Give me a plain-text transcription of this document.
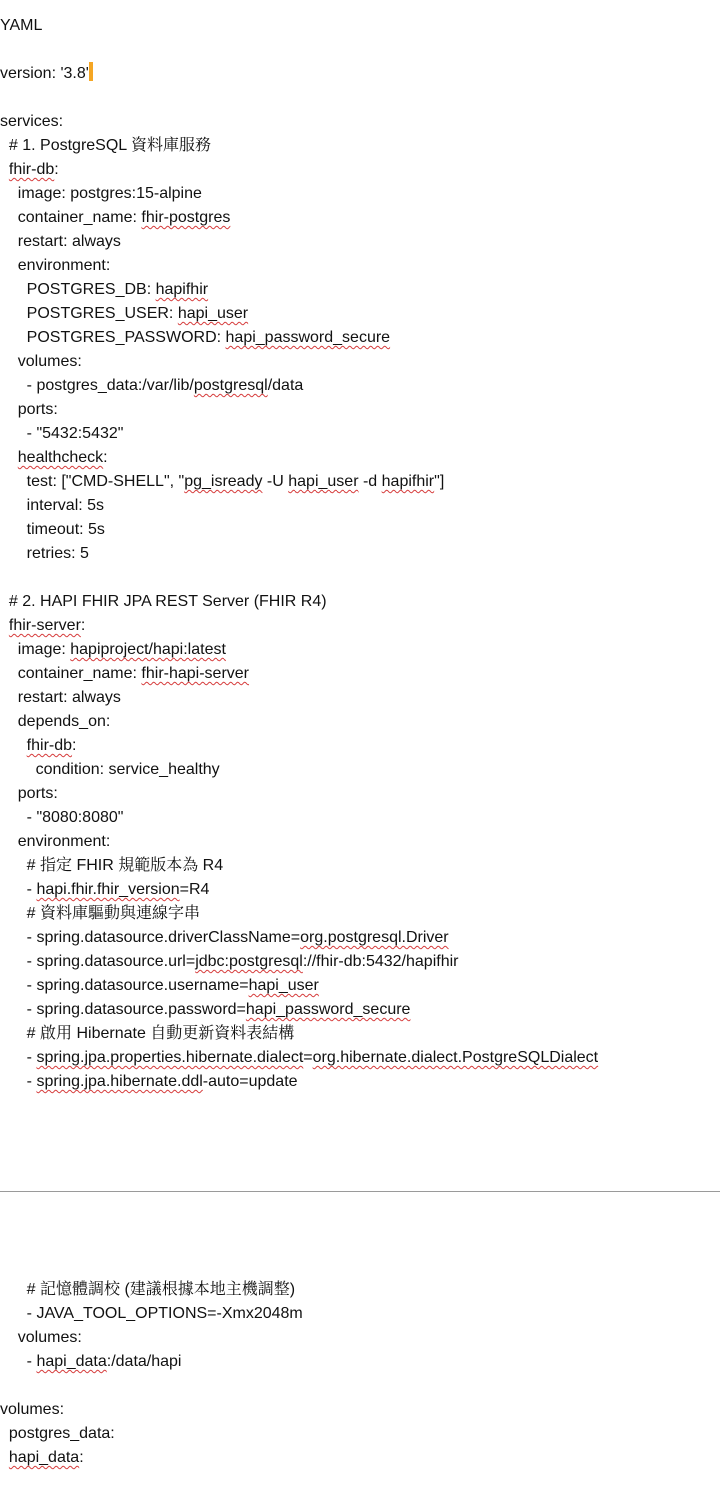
YAML
version: '3.8'
services:
# 1. PostgreSQL 資料庫服務
fhir-db:
image: postgres:15-alpine
container_name: fhir-postgres
restart: always
environment:
POSTGRES_DB: hapifhir
POSTGRES_USER: hapi_user
POSTGRES_PASSWORD: hapi_password_secure
volumes:
- postgres_data:/var/lib/postgresql/data
ports:
- "5432:5432"
healthcheck:
test: ["CMD-SHELL", "pg_isready -U hapi_user -d hapifhir"]
interval: 5s
timeout: 5s
retries: 5
# 2. HAPI FHIR JPA REST Server (FHIR R4)
fhir-server:
image: hapiproject/hapi:latest
container_name: fhir-hapi-server
restart: always
depends_on:
fhir-db:
condition: service_healthy
ports:
- "8080:8080"
environment:
# 指定 FHIR 規範版本為 R4
- hapi.fhir.fhir_version=R4
# 資料庫驅動與連線字串
- spring.datasource.driverClassName=org.postgresql.Driver
- spring.datasource.url=jdbc:postgresql://fhir-db:5432/hapifhir
- spring.datasource.username=hapi_user
- spring.datasource.password=hapi_password_secure
# 啟用 Hibernate 自動更新資料表結構
- spring.jpa.properties.hibernate.dialect=org.hibernate.dialect.PostgreSQLDialect
- spring.jpa.hibernate.ddl-auto=update
# 記憶體調校 (建議根據本地主機調整)
- JAVA_TOOL_OPTIONS=-Xmx2048m
volumes:
- hapi_data:/data/hapi
volumes:
postgres_data:
hapi_data:
